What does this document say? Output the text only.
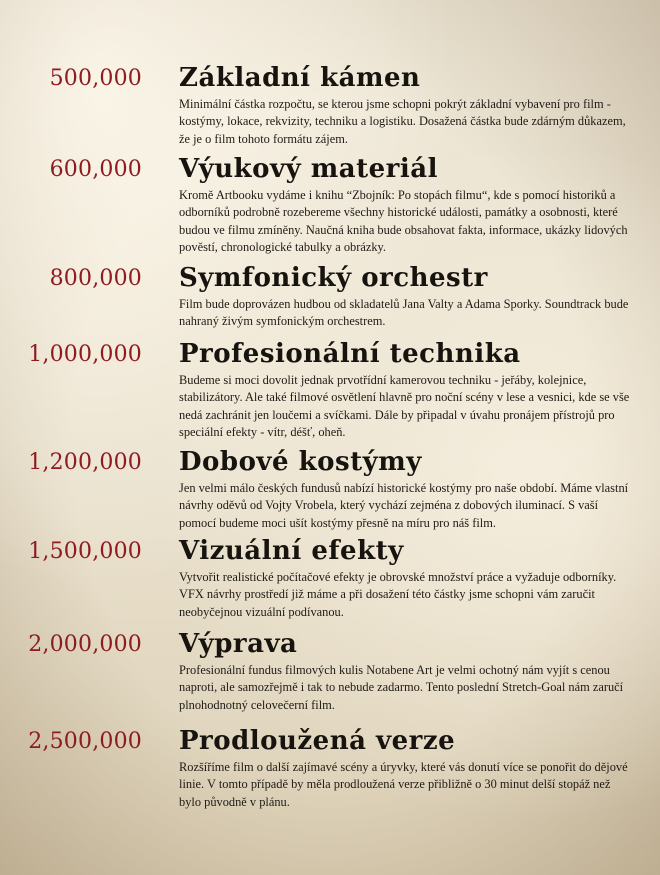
500,000 Základní kámen

Minimální částka rozpočtu, se kterou jsme schopni pokrýt základní vybavení pro film - kostýmy, lokace, rekvizity, techniku a logistiku. Dosažená částka bude zdárným důkazem, že je o film tohoto formátu zájem.

600,000 Výukový materiál

Kromě Artbooku vydáme i knihu “Zbojník: Po stopách filmu“, kde s pomocí historiků a odborníků podrobně rozebereme všechny historické události, památky a osobnosti, které budou ve filmu zmíněny. Naučná kniha bude obsahovat fakta, informace, ukázky lidových pověstí, chronologické tabulky a obrázky.

800,000 Symfonický orchestr

Film bude doprovázen hudbou od skladatelů Jana Valty a Adama Sporky. Soundtrack bude nahraný živým symfonickým orchestrem.

1,000,000 Profesionální technika

Budeme si moci dovolit jednak prvotřídní kamerovou techniku - jeřáby, kolejnice, stabilizátory. Ale také filmové osvětlení hlavně pro noční scény v lese a vesnici, kde se vše nedá zachránit jen loučemi a svíčkami. Dále by připadal v úvahu pronájem přístrojů pro speciální efekty - vítr, déšť, oheň.

1,200,000 Dobové kostýmy

Jen velmi málo českých fundusů nabízí historické kostýmy pro naše období. Máme vlastní návrhy oděvů od Vojty Vrobela, který vychází zejména z dobových iluminací. S vaší pomocí budeme moci ušít kostýmy přesně na míru pro náš film.

1,500,000 Vizuální efekty

Vytvořit realistické počítačové efekty je obrovské množství práce a vyžaduje odborníky. VFX návrhy prostředí již máme a při dosažení této částky jsme schopni vám zaručit neobyčejnou vizuální podívanou.

2,000,000 Výprava

Profesionální fundus filmových kulis Notabene Art je velmi ochotný nám vyjít s cenou naproti, ale samozřejmě i tak to nebude zadarmo. Tento poslední Stretch-Goal nám zaručí plnohodnotný celovečerní film.

2,500,000 Prodloužená verze

Rozšíříme film o další zajímavé scény a úryvky, které vás donutí více se ponořit do dějové linie. V tomto případě by měla prodloužená verze přibližně o 30 minut delší stopáž než bylo původně v plánu.
